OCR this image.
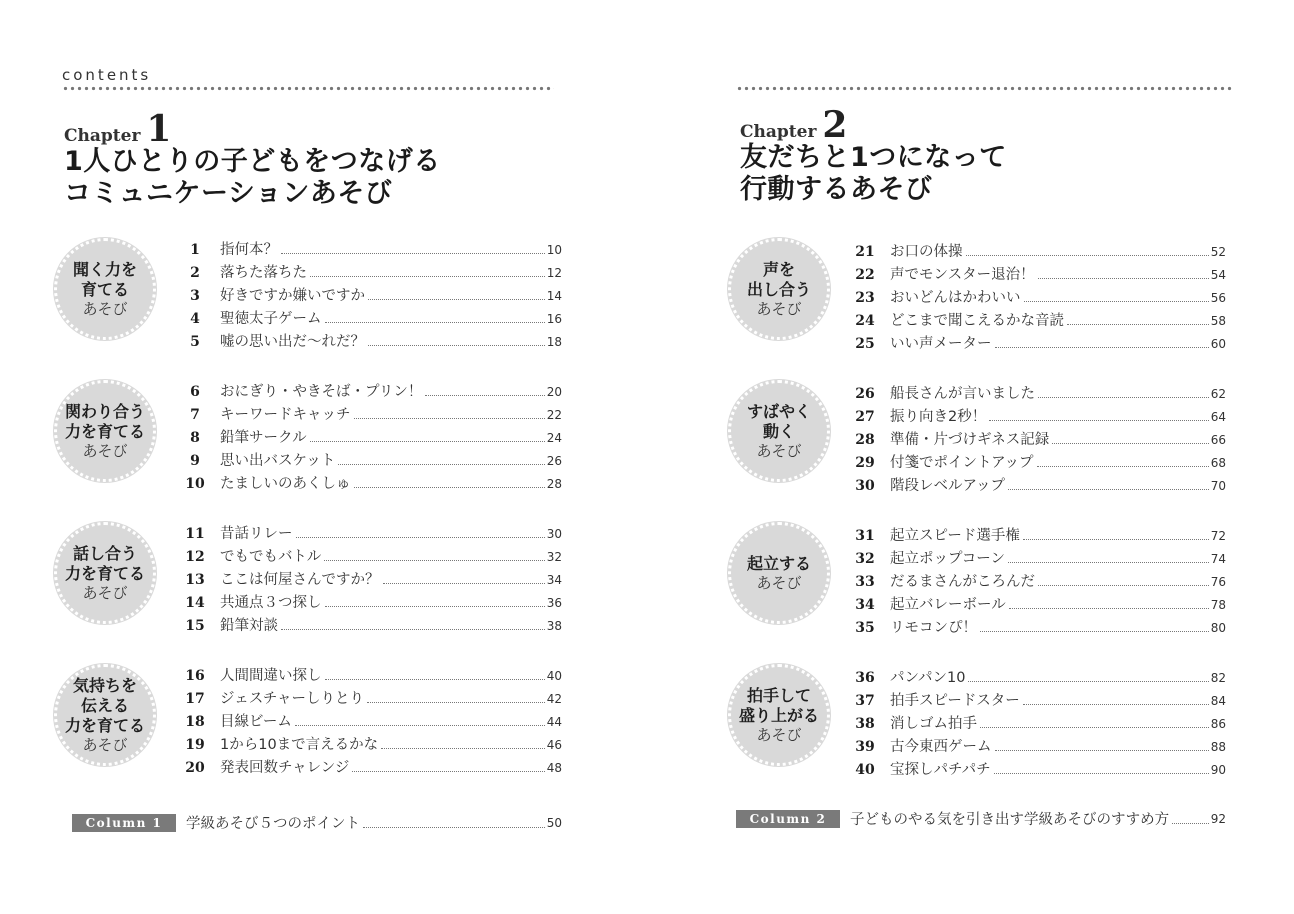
contents
Chapter 1
1人ひとりの子どもをつなげる
コミュニケーションあそび
聞く力を
育てる
あそび
1	指何本？	10
2	落ちた落ちた	12
3	好きですか嫌いですか	14
4	聖徳太子ゲーム	16
5	嘘の思い出だ〜れだ？	18
関わり合う
力を育てる
あそび
6	おにぎり・やきそば・プリン！	20
7	キーワードキャッチ	22
8	鉛筆サークル	24
9	思い出バスケット	26
10	たましいのあくしゅ	28
話し合う
力を育てる
あそび
11	昔話リレー	30
12	でもでもバトル	32
13	ここは何屋さんですか？	34
14	共通点３つ探し	36
15	鉛筆対談	38
気持ちを
伝える
力を育てる
あそび
16	人間間違い探し	40
17	ジェスチャーしりとり	42
18	目線ビーム	44
19	1から10まで言えるかな	46
20	発表回数チャレンジ	48
Column 1	学級あそび５つのポイント	50
Chapter 2
友だちと1つになって
行動するあそび
声を
出し合う
あそび
21	お口の体操	52
22	声でモンスター退治！	54
23	おいどんはかわいい	56
24	どこまで聞こえるかな音読	58
25	いい声メーター	60
すばやく
動く
あそび
26	船長さんが言いました	62
27	振り向き2秒！	64
28	準備・片づけギネス記録	66
29	付箋でポイントアップ	68
30	階段レベルアップ	70
起立する
あそび
31	起立スピード選手権	72
32	起立ポップコーン	74
33	だるまさんがころんだ	76
34	起立バレーボール	78
35	リモコンぴ！	80
拍手して
盛り上がる
あそび
36	パンパン10	82
37	拍手スピードスター	84
38	消しゴム拍手	86
39	古今東西ゲーム	88
40	宝探しパチパチ	90
Column 2	子どものやる気を引き出す学級あそびのすすめ方	92
